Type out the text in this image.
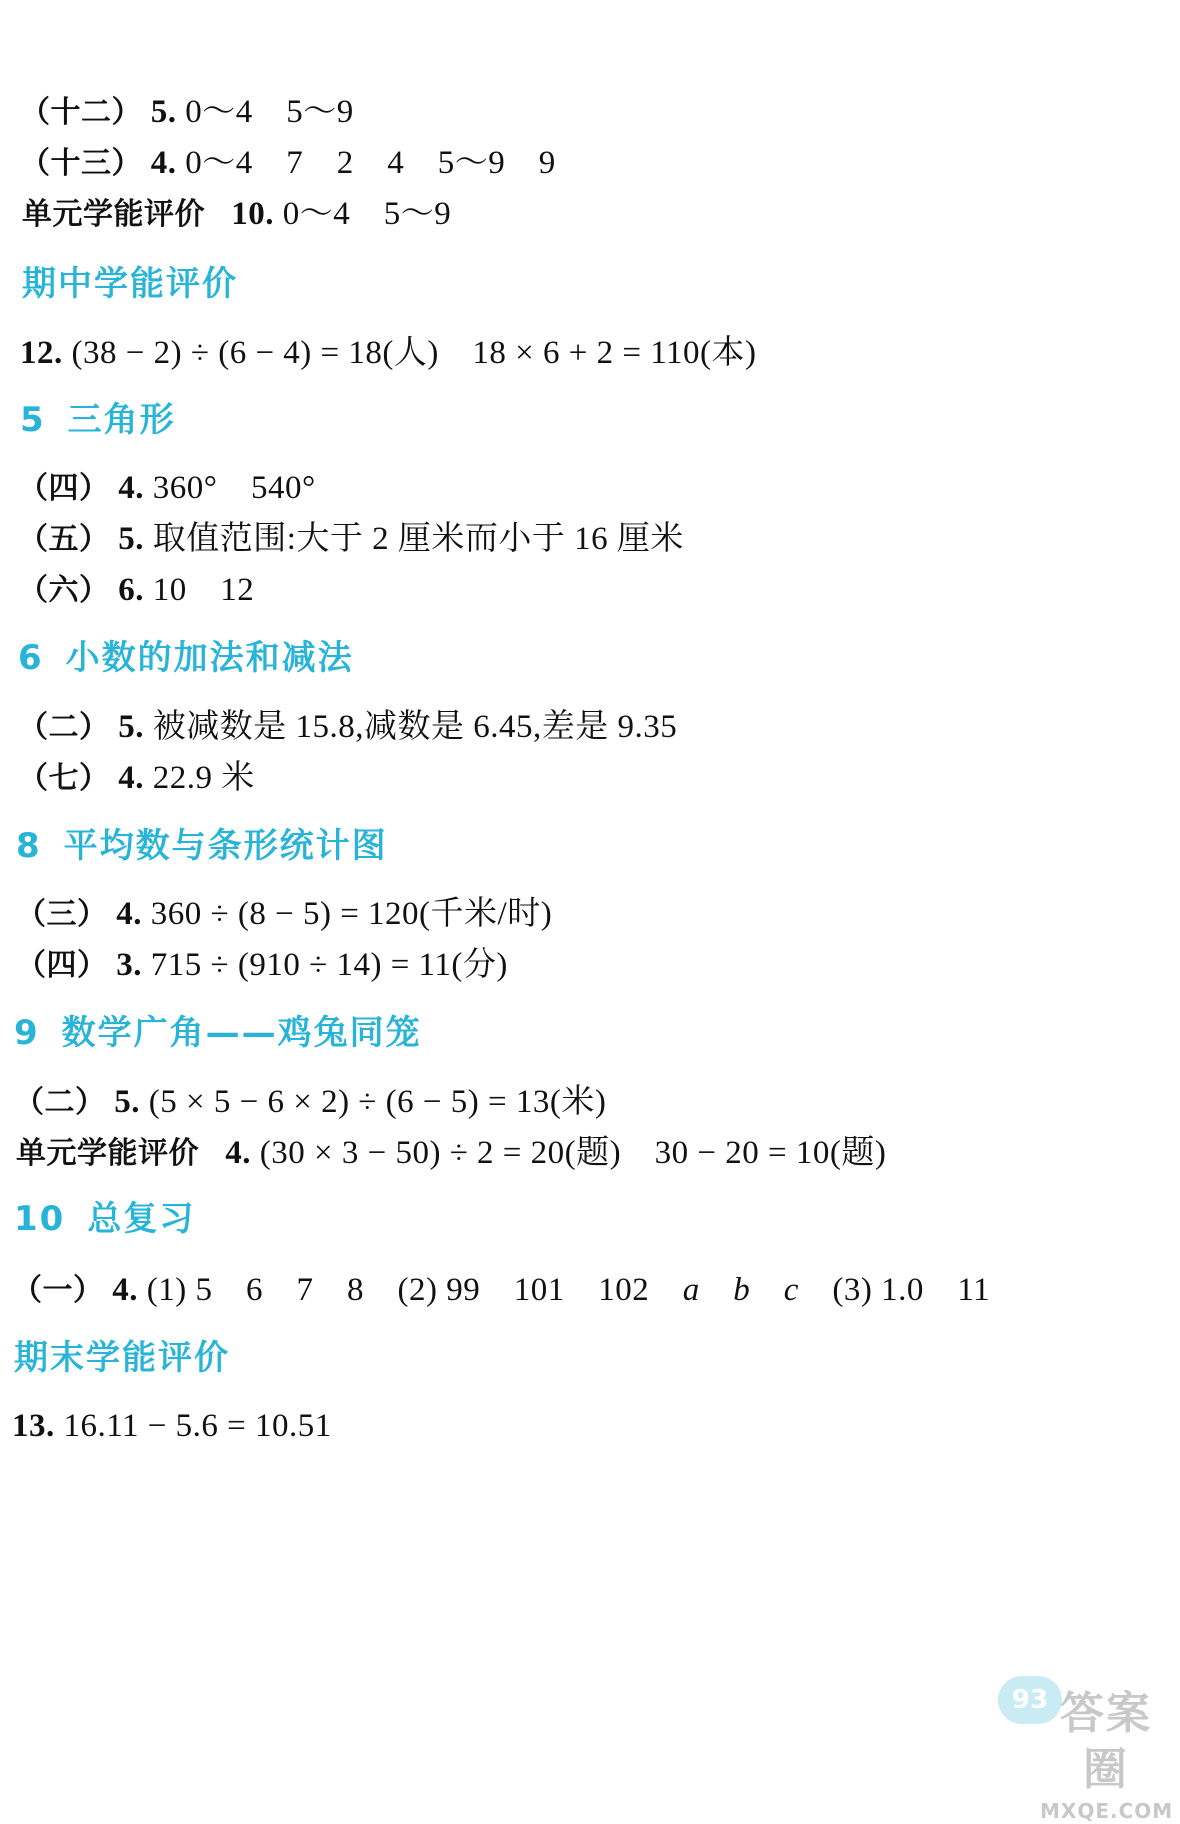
（十二） 5. 0～4　5～9
（十三） 4. 0～4　7　2　4　5～9　9
单元学能评价 10. 0～4　5～9
期中学能评价
12. (38 − 2) ÷ (6 − 4) = 18(人)　18 × 6 + 2 = 110(本)
5 三角形
（四） 4. 360°　540°
（五） 5. 取值范围:大于 2 厘米而小于 16 厘米
（六） 6. 10　12
6 小数的加法和减法
（二） 5. 被减数是 15.8,减数是 6.45,差是 9.35
（七） 4. 22.9 米
8 平均数与条形统计图
（三） 4. 360 ÷ (8 − 5) = 120(千米/时)
（四） 3. 715 ÷ (910 ÷ 14) = 11(分)
9 数学广角——鸡兔同笼
（二） 5. (5 × 5 − 6 × 2) ÷ (6 − 5) = 13(米)
单元学能评价 4. (30 × 3 − 50) ÷ 2 = 20(题)　30 − 20 = 10(题)
10 总复习
（一） 4. (1) 5　6　7　8　(2) 99　101　102　a　b　c　(3) 1.0　11
期末学能评价
13. 16.11 − 5.6 = 10.51
93 答案圈
MXQE.COM
